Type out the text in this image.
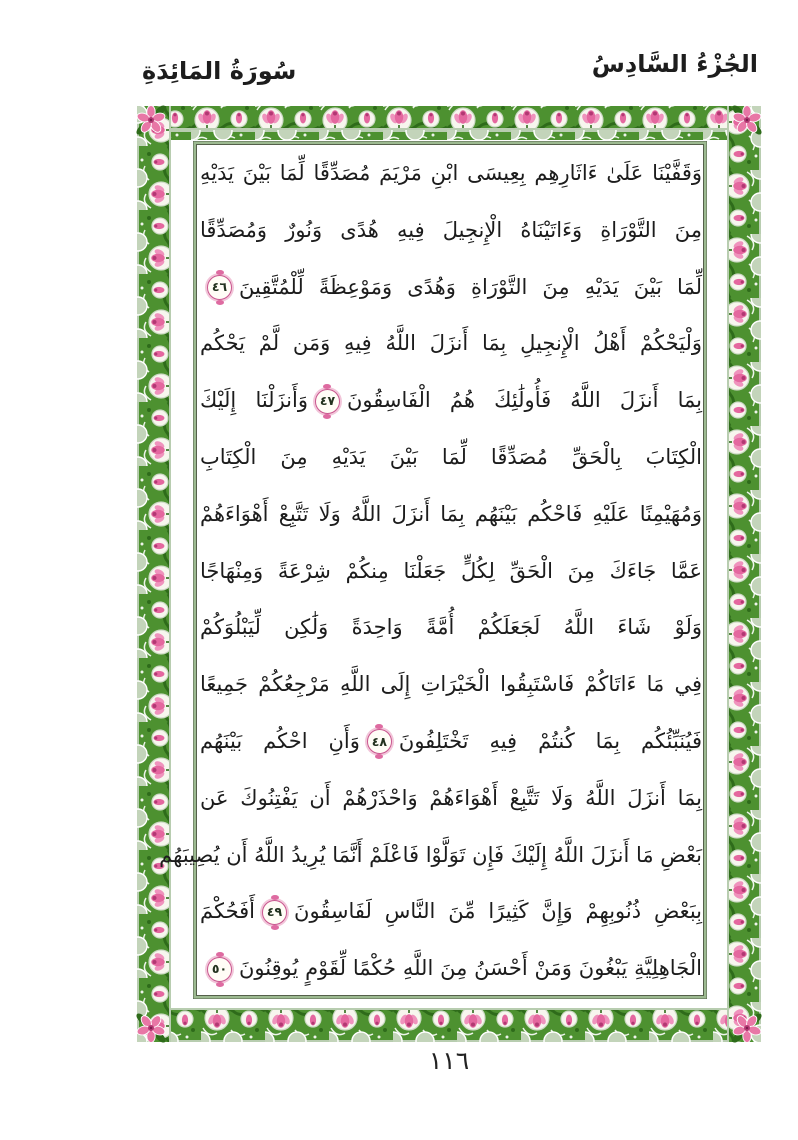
الجُزْءُ السَّادِسُ
سُورَةُ المَائِدَةِ
وَقَفَّيْنَا عَلَىٰ ءَاثَارِهِم بِعِيسَى ابْنِ مَرْيَمَ مُصَدِّقًا لِّمَا بَيْنَ يَدَيْهِ
مِنَ التَّوْرَاةِ وَءَاتَيْنَاهُ الْإِنجِيلَ فِيهِ هُدًى وَنُورٌ وَمُصَدِّقًا
لِّمَا بَيْنَ يَدَيْهِ مِنَ التَّوْرَاةِ وَهُدًى وَمَوْعِظَةً لِّلْمُتَّقِينَ٤٦
وَلْيَحْكُمْ أَهْلُ الْإِنجِيلِ بِمَا أَنزَلَ اللَّهُ فِيهِ وَمَن لَّمْ يَحْكُم
بِمَا أَنزَلَ اللَّهُ فَأُولَٰئِكَ هُمُ الْفَاسِقُونَ٤٧وَأَنزَلْنَا إِلَيْكَ
الْكِتَابَ بِالْحَقِّ مُصَدِّقًا لِّمَا بَيْنَ يَدَيْهِ مِنَ الْكِتَابِ
وَمُهَيْمِنًا عَلَيْهِ فَاحْكُم بَيْنَهُم بِمَا أَنزَلَ اللَّهُ وَلَا تَتَّبِعْ أَهْوَاءَهُمْ
عَمَّا جَاءَكَ مِنَ الْحَقِّ لِكُلٍّ جَعَلْنَا مِنكُمْ شِرْعَةً وَمِنْهَاجًا
وَلَوْ شَاءَ اللَّهُ لَجَعَلَكُمْ أُمَّةً وَاحِدَةً وَلَٰكِن لِّيَبْلُوَكُمْ
فِي مَا ءَاتَاكُمْ فَاسْتَبِقُوا الْخَيْرَاتِ إِلَى اللَّهِ مَرْجِعُكُمْ جَمِيعًا
فَيُنَبِّئُكُم بِمَا كُنتُمْ فِيهِ تَخْتَلِفُونَ٤٨وَأَنِ احْكُم بَيْنَهُم
بِمَا أَنزَلَ اللَّهُ وَلَا تَتَّبِعْ أَهْوَاءَهُمْ وَاحْذَرْهُمْ أَن يَفْتِنُوكَ عَن
بَعْضِ مَا أَنزَلَ اللَّهُ إِلَيْكَ فَإِن تَوَلَّوْا فَاعْلَمْ أَنَّمَا يُرِيدُ اللَّهُ أَن يُصِيبَهُم
بِبَعْضِ ذُنُوبِهِمْ وَإِنَّ كَثِيرًا مِّنَ النَّاسِ لَفَاسِقُونَ٤٩أَفَحُكْمَ
الْجَاهِلِيَّةِ يَبْغُونَ وَمَنْ أَحْسَنُ مِنَ اللَّهِ حُكْمًا لِّقَوْمٍ يُوقِنُونَ٥٠
١١٦
